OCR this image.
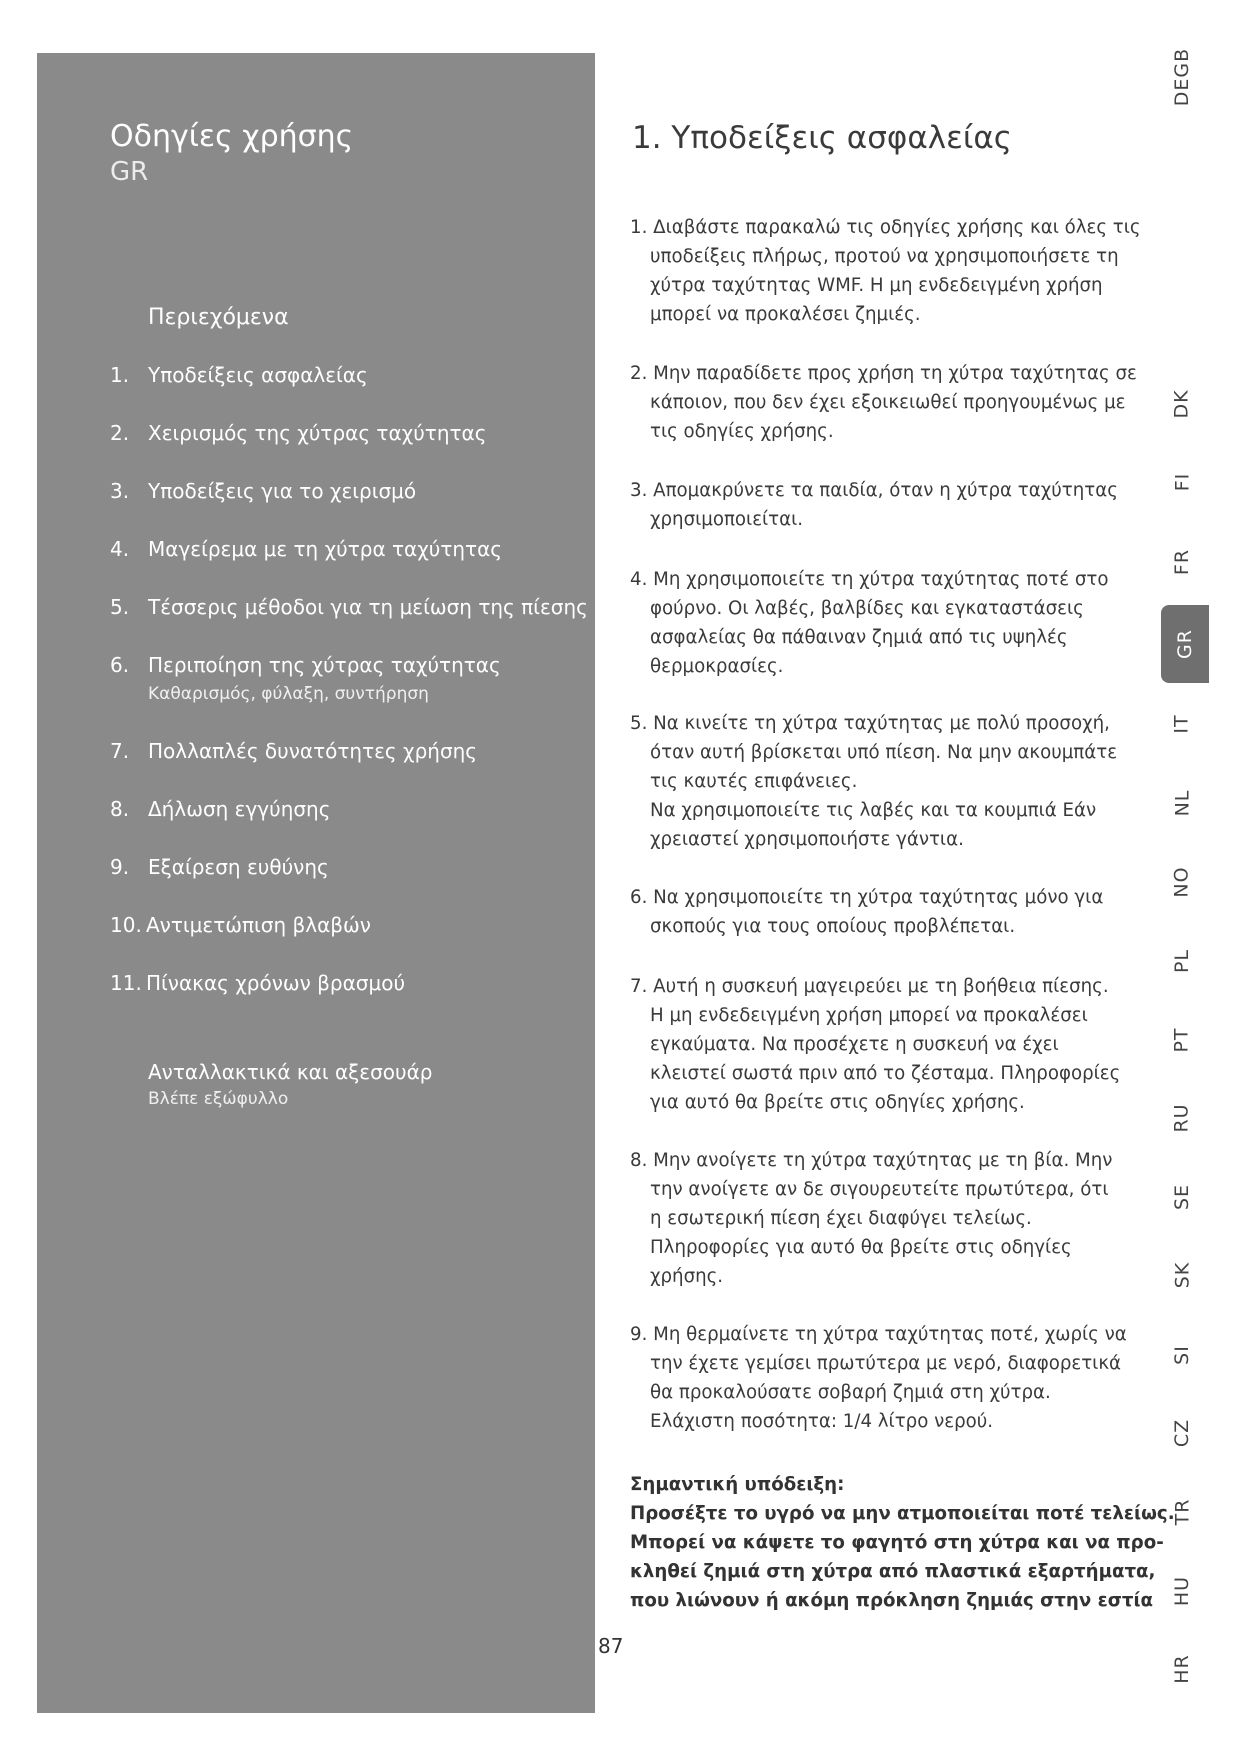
Οδηγίες χρήσης
GR
Περιεχόμενα
1. Υποδείξεις ασφαλείας
2. Χειρισμός της χύτρας ταχύτητας
3. Υποδείξεις για το χειρισμό
4. Μαγείρεμα με τη χύτρα ταχύτητας
5. Τέσσερις μέθοδοι για τη μείωση της πίεσης
6. Περιποίηση της χύτρας ταχύτητας
Καθαρισμός, φύλαξη, συντήρηση
7. Πολλαπλές δυνατότητες χρήσης
8. Δήλωση εγγύησης
9. Εξαίρεση ευθύνης
10. Αντιμετώπιση βλαβών
11. Πίνακας χρόνων βρασμού
Ανταλλακτικά και αξεσουάρ
Βλέπε εξώφυλλο
1. Υποδείξεις ασφαλείας
1. Διαβάστε παρακαλώ τις οδηγίες χρήσης και όλες τις
υποδείξεις πλήρως, προτού να χρησιμοποιήσετε τη
χύτρα ταχύτητας WMF. Η μη ενδεδειγμένη χρήση
μπορεί να προκαλέσει ζημιές.
2. Μην παραδίδετε προς χρήση τη χύτρα ταχύτητας σε
κάποιον, που δεν έχει εξοικειωθεί προηγουμένως με
τις οδηγίες χρήσης.
3. Απομακρύνετε τα παιδία, όταν η χύτρα ταχύτητας
χρησιμοποιείται.
4. Μη χρησιμοποιείτε τη χύτρα ταχύτητας ποτέ στο
φούρνο. Οι λαβές, βαλβίδες και εγκαταστάσεις
ασφαλείας θα πάθαιναν ζημιά από τις υψηλές
θερμοκρασίες.
5. Να κινείτε τη χύτρα ταχύτητας με πολύ προσοχή,
όταν αυτή βρίσκεται υπό πίεση. Να μην ακουμπάτε
τις καυτές επιφάνειες.
Να χρησιμοποιείτε τις λαβές και τα κουμπιά Εάν
χρειαστεί χρησιμοποιήστε γάντια.
6. Να χρησιμοποιείτε τη χύτρα ταχύτητας μόνο για
σκοπούς για τους οποίους προβλέπεται.
7. Αυτή η συσκευή μαγειρεύει με τη βοήθεια πίεσης.
Η μη ενδεδειγμένη χρήση μπορεί να προκαλέσει
εγκαύματα. Να προσέχετε η συσκευή να έχει
κλειστεί σωστά πριν από το ζέσταμα. Πληροφορίες
για αυτό θα βρείτε στις οδηγίες χρήσης.
8. Μην ανοίγετε τη χύτρα ταχύτητας με τη βία. Μην
την ανοίγετε αν δε σιγουρευτείτε πρωτύτερα, ότι
η εσωτερική πίεση έχει διαφύγει τελείως.
Πληροφορίες για αυτό θα βρείτε στις οδηγίες
χρήσης.
9. Μη θερμαίνετε τη χύτρα ταχύτητας ποτέ, χωρίς να
την έχετε γεμίσει πρωτύτερα με νερό, διαφορετικά
θα προκαλούσατε σοβαρή ζημιά στη χύτρα.
Ελάχιστη ποσότητα: 1/4 λίτρο νερού.
Σημαντική υπόδειξη:
Προσέξτε το υγρό να μην ατμοποιείται ποτέ τελείως.
Μπορεί να κάψετε το φαγητό στη χύτρα και να προ-
κληθεί ζημιά στη χύτρα από πλαστικά εξαρτήματα,
που λιώνουν ή ακόμη πρόκληση ζημιάς στην εστία
87
DEGB
DK
FI
FR
GR
IT
NL
NO
PL
PT
RU
SE
SK
SI
CZ
TR
HU
HR
